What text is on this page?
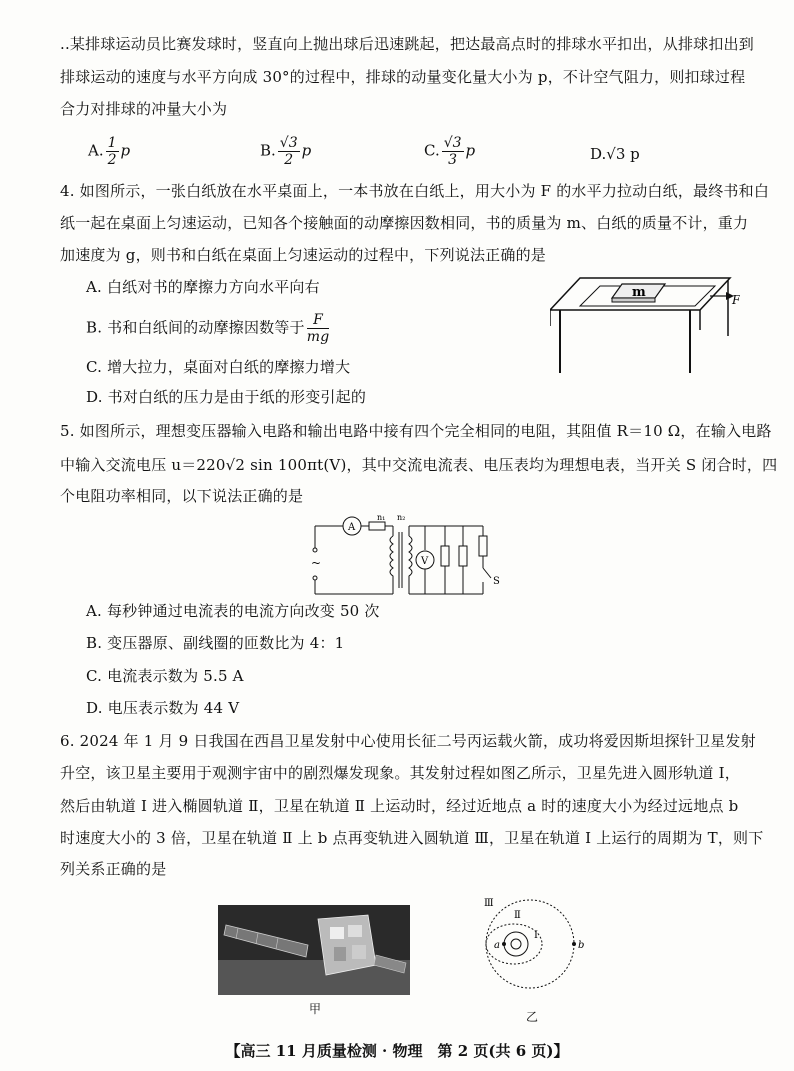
..某排球运动员比赛发球时，竖直向上抛出球后迅速跳起，把达最高点时的排球水平扣出，从排球扣出到
排球运动的速度与水平方向成 30°的过程中，排球的动量变化量大小为 p，不计空气阻力，则扣球过程
合力对排球的冲量大小为
A. $\frac{1}{2}$ p	B. $\frac{√3}{2}$ p	C. $\frac{√3}{3}$ p	D.√3 p
4. 如图所示，一张白纸放在水平桌面上，一本书放在白纸上，用大小为 F 的水平力拉动白纸，最终书和白
纸一起在桌面上匀速运动，已知各个接触面的动摩擦因数相同，书的质量为 m、白纸的质量不计，重力
加速度为 g，则书和白纸在桌面上匀速运动的过程中，下列说法正确的是
A. 白纸对书的摩擦力方向水平向右
B. 书和白纸间的动摩擦因数等于 $\frac{F}{mg}$
C. 增大拉力，桌面对白纸的摩擦力增大
D. 书对白纸的压力是由于纸的形变引起的
m	F
5. 如图所示，理想变压器输入电路和输出电路中接有四个完全相同的电阻，其阻值 R＝10 Ω，在输入电路
中输入交流电压 u＝220√2 sin 100πt(V)，其中交流电流表、电压表均为理想电表，当开关 S 闭合时，四
个电阻功率相同，以下说法正确的是
A
~
n₁ n₂
V
S
A. 每秒钟通过电流表的电流方向改变 50 次
B. 变压器原、副线圈的匝数比为 4：1
C. 电流表示数为 5.5 A
D. 电压表示数为 44 V
6. 2024 年 1 月 9 日我国在西昌卫星发射中心使用长征二号丙运载火箭，成功将爱因斯坦探针卫星发射
升空，该卫星主要用于观测宇宙中的剧烈爆发现象。其发射过程如图乙所示，卫星先进入圆形轨道 Ⅰ，
然后由轨道 Ⅰ 进入椭圆轨道 Ⅱ，卫星在轨道 Ⅱ 上运动时，经过近地点 a 时的速度大小为经过远地点 b
时速度大小的 3 倍，卫星在轨道 Ⅱ 上 b 点再变轨进入圆轨道 Ⅲ，卫星在轨道 Ⅰ 上运行的周期为 T，则下
列关系正确的是
甲
Ⅲ
Ⅱ
Ⅰ
a	b
乙
【高三 11 月质量检测 · 物理　第 2 页(共 6 页)】
